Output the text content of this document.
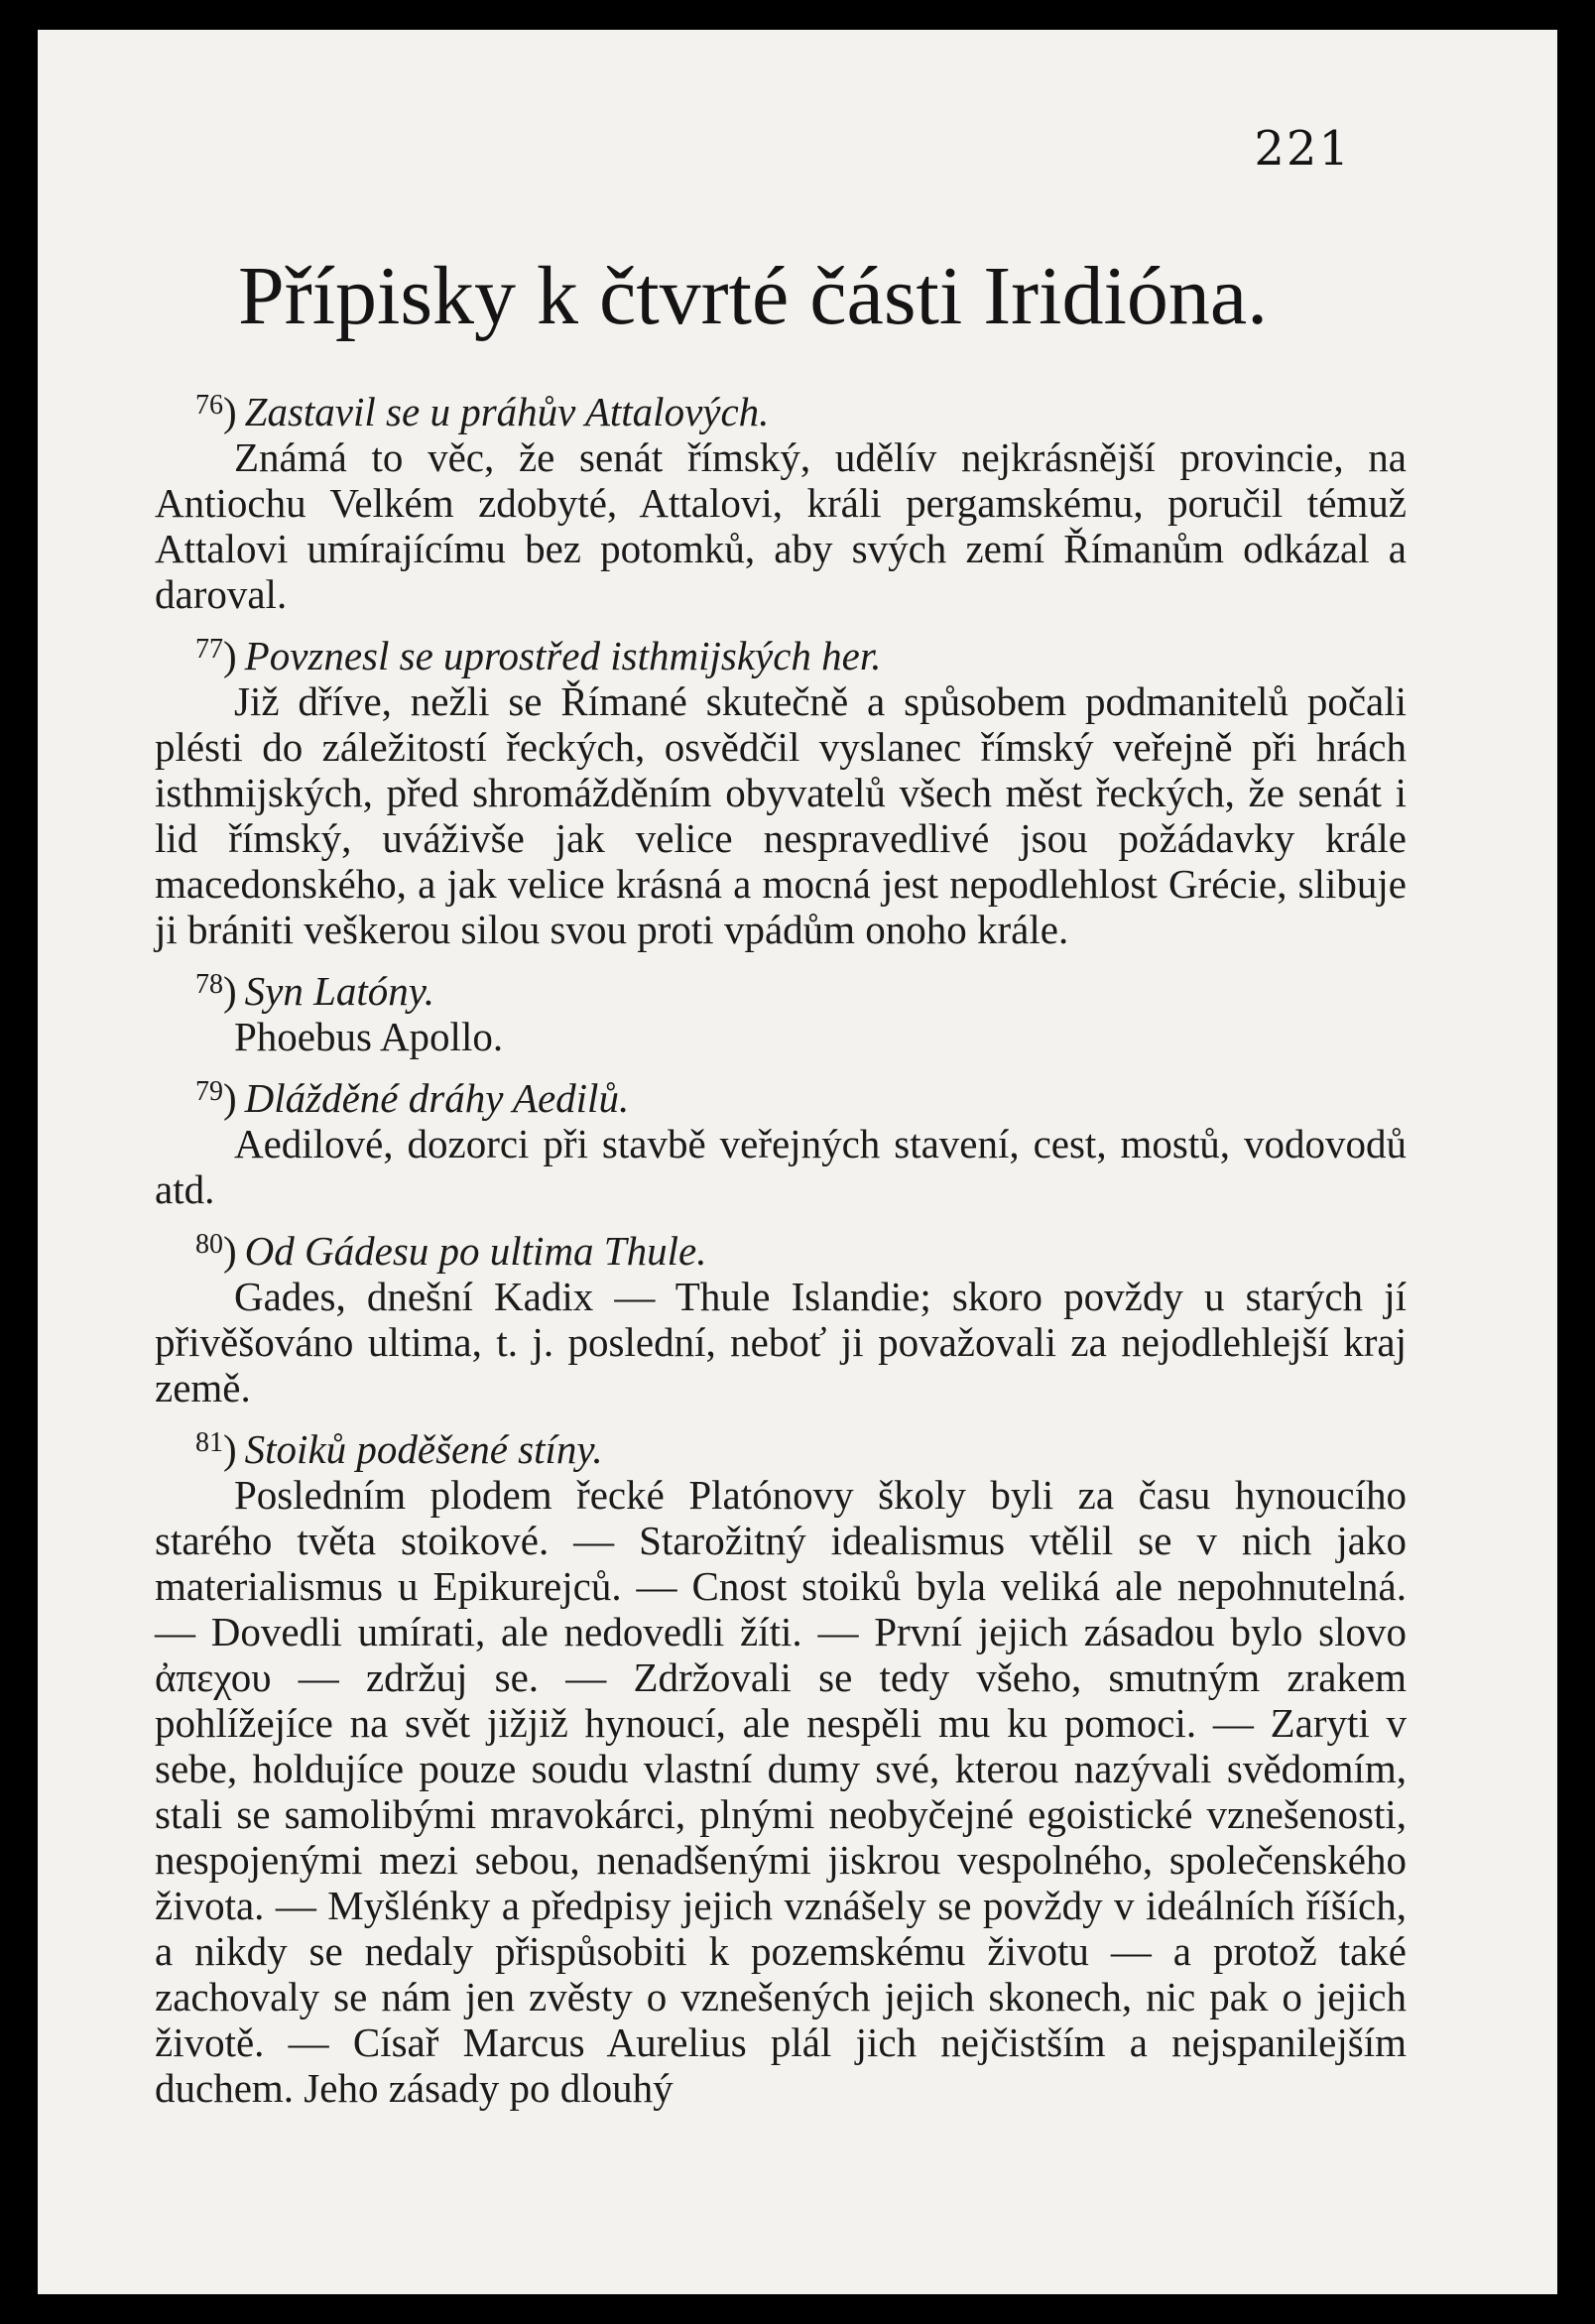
221
Přípisky k čtvrté části Iridióna.

$^{76}$) Zastavil se u práhův Attalových.

Známá to věc, že senát římský, udělív nejkrásnější provincie, na Antiochu Velkém zdobyté, Attalovi, králi pergamskému, poručil témuž Attalovi umírajícímu bez potomků, aby svých zemí Římanům odkázal a daroval.

$^{77}$) Povznesl se uprostřed isthmijských her.

Již dříve, nežli se Římané skutečně a spůsobem podmanitelů počali plésti do záležitostí řeckých, osvědčil vyslanec římský veřejně při hrách isthmijských, před shromážděním obyvatelů všech měst řeckých, že senát i lid římský, uváživše jak velice nespravedlivé jsou požádavky krále macedonského, a jak velice krásná a mocná jest nepodlehlost Grécie, slibuje ji brániti veškerou silou svou proti vpádům onoho krále.

$^{78}$) Syn Latóny.

Phoebus Apollo.

$^{79}$) Dlážděné dráhy Aedilů.

Aedilové, dozorci při stavbě veřejných stavení, cest, mostů, vodovodů atd.

$^{80}$) Od Gádesu po ultima Thule.

Gades, dnešní Kadix — Thule Islandie; skoro povždy u starých jí přivěšováno ultima, t. j. poslední, neboť ji považovali za nejodlehlejší kraj země.

$^{81}$) Stoiků poděšené stíny.

Posledním plodem řecké Platónovy školy byli za času hynoucího starého tvěta stoikové. — Starožitný idealismus vtělil se v nich jako materialismus u Epikurejců. — Cnost stoiků byla veliká ale nepohnutelná. — Dovedli umírati, ale nedovedli žíti. — První jejich zásadou bylo slovo ἀπεχου — zdržuj se. — Zdržovali se tedy všeho, smutným zrakem pohlížejíce na svět jižjiž hynoucí, ale nespěli mu ku pomoci. — Zaryti v sebe, holdujíce pouze soudu vlastní dumy své, kterou nazývali svědomím, stali se samolibými mravokárci, plnými neobyčejné egoistické vznešenosti, nespojenými mezi sebou, nenadšenými jiskrou vespolného, společenského života. — Myšlénky a předpisy jejich vznášely se povždy v ideálních říších, a nikdy se nedaly přispůsobiti k pozemskému životu — a protož také zachovaly se nám jen zvěsty o vznešených jejich skonech, nic pak o jejich životě. — Císař Marcus Aurelius plál jich nejčistším a nejspanilejším duchem. Jeho zásady po dlouhý
